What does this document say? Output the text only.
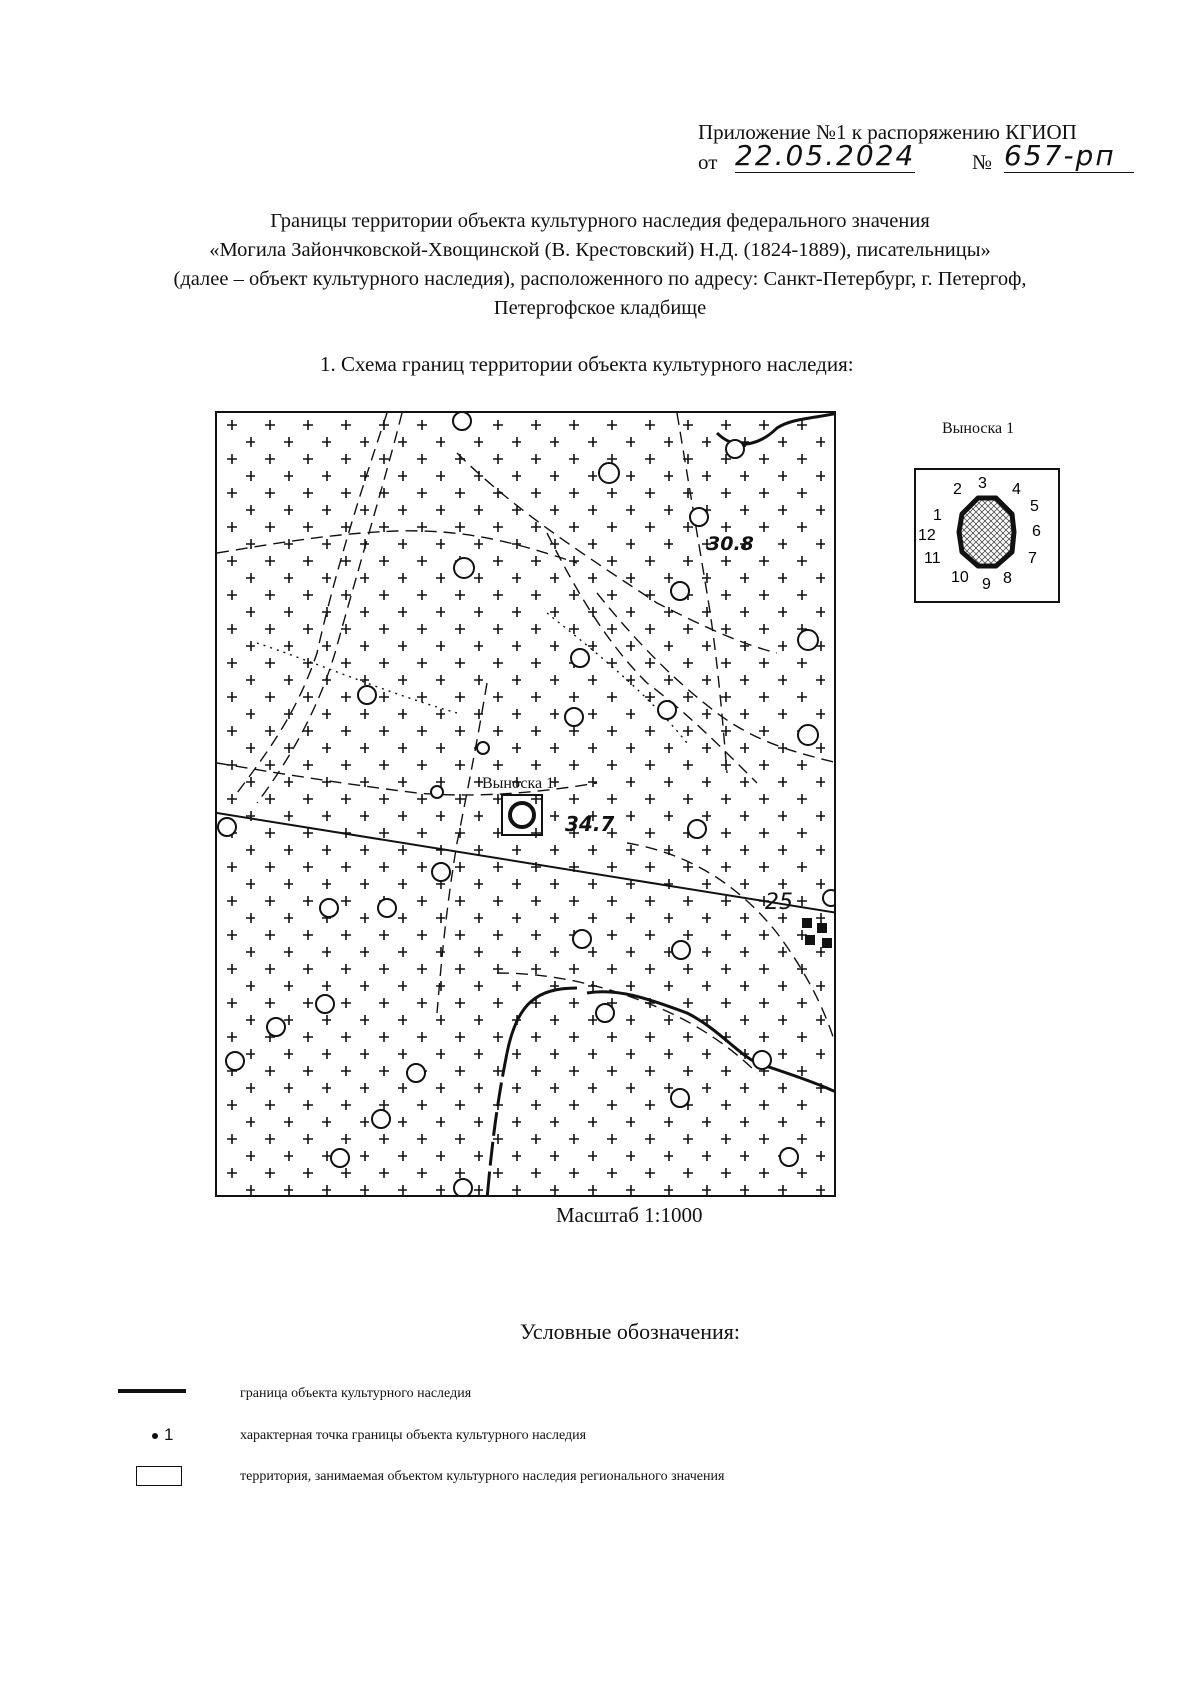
Приложение №1 к распоряжению КГИОП
от 22.05.2024	№ 657-рп
Границы территории объекта культурного наследия федерального значения
«Могила Зайончковской-Хвощинской (В. Крестовский) Н.Д. (1824-1889), писательницы»
(далее – объект культурного наследия), расположенного по адресу: Санкт-Петербург, г. Петергоф,
Петергофское кладбище
1. Схема границ территории объекта культурного наследия:
Выноска 1
30.8
34.7
25
Масштаб 1:1000
Выноска 1
1
2 3 4
5
6
7
8
9
10
11
12
Условные обозначения:
граница объекта культурного наследия
1	характерная точка границы объекта культурного наследия
территория, занимаемая объектом культурного наследия регионального значения
